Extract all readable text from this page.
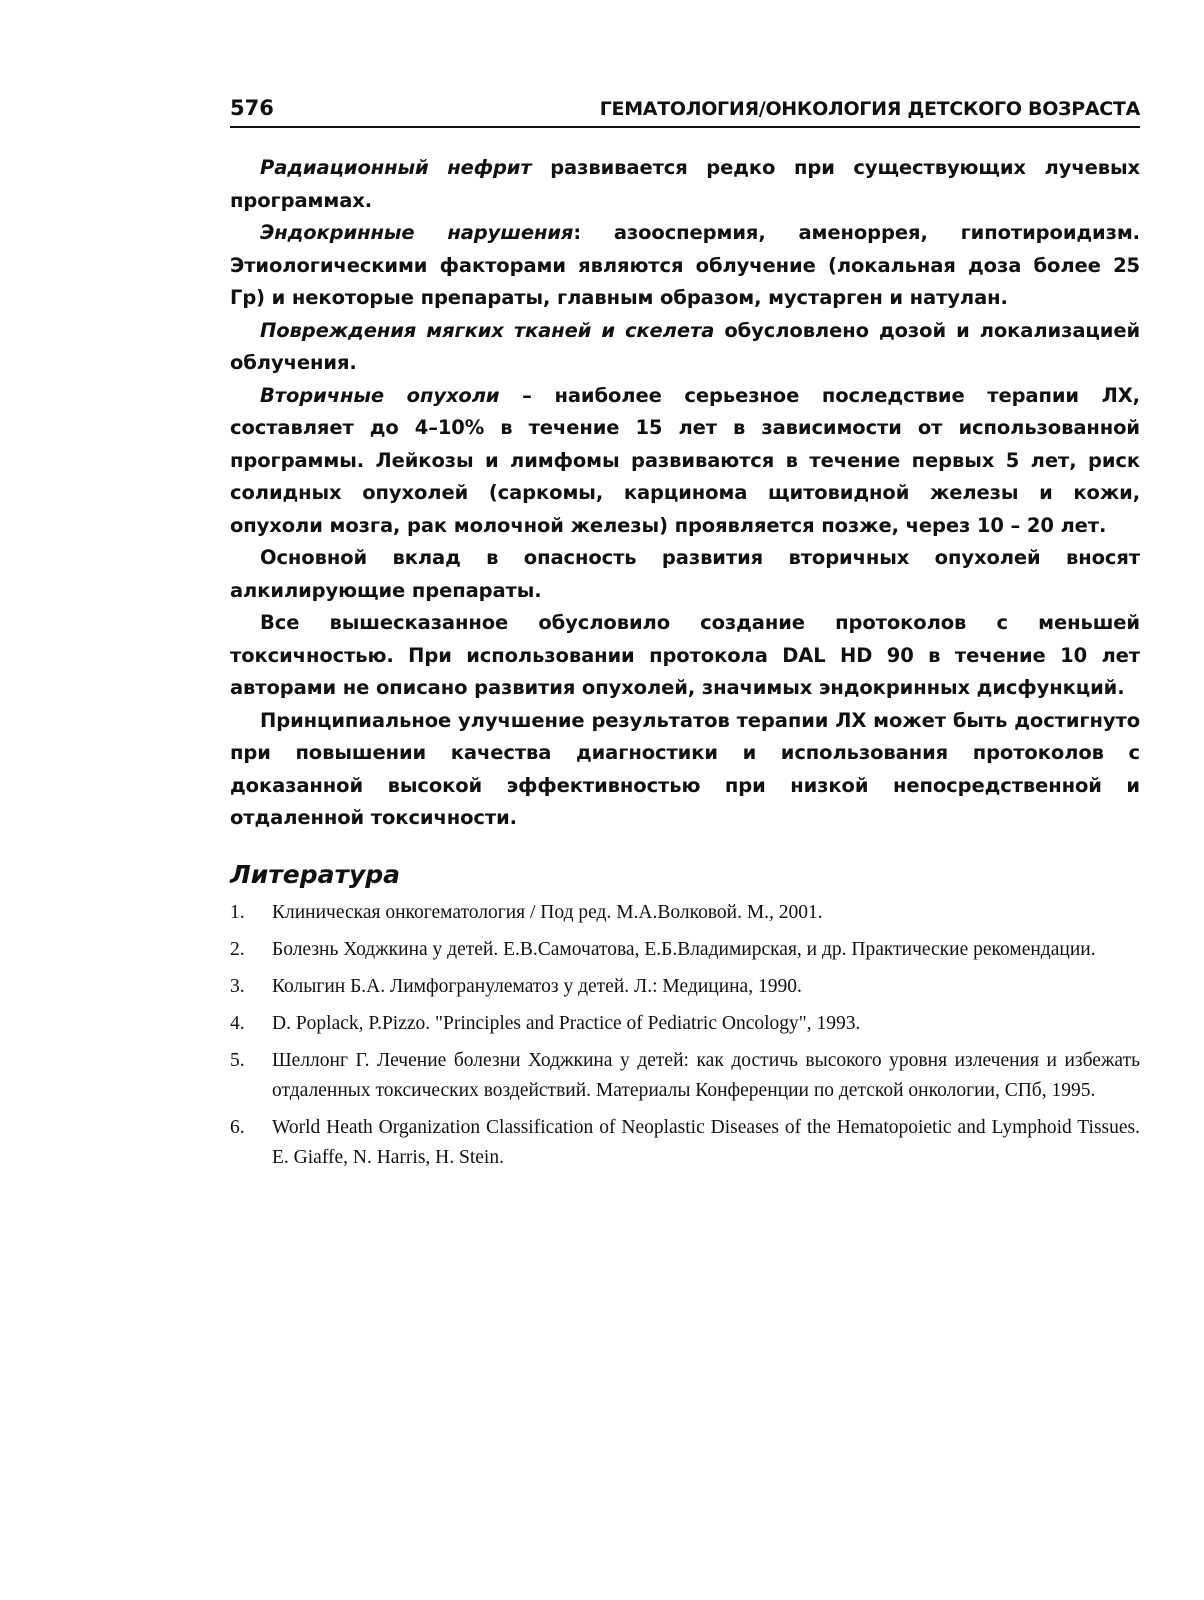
576	ГЕМАТОЛОГИЯ/ОНКОЛОГИЯ ДЕТСКОГО ВОЗРАСТА

Радиационный нефрит развивается редко при существующих лучевых программах.

Эндокринные нарушения: азооспермия, аменоррея, гипотироидизм. Этиологическими факторами являются облучение (локальная доза более 25 Гр) и некоторые препараты, главным образом, мустарген и натулан.

Повреждения мягких тканей и скелета обусловлено дозой и локализацией облучения.

Вторичные опухоли – наиболее серьезное последствие терапии ЛХ, составляет до 4–10% в течение 15 лет в зависимости от использованной программы. Лейкозы и лимфомы развиваются в течение первых 5 лет, риск солидных опухолей (саркомы, карцинома щитовидной железы и кожи, опухоли мозга, рак молочной железы) проявляется позже, через 10 – 20 лет.

Основной вклад в опасность развития вторичных опухолей вносят алкилирующие препараты.

Все вышесказанное обусловило создание протоколов с меньшей токсичностью. При использовании протокола DAL HD 90 в течение 10 лет авторами не описано развития опухолей, значимых эндокринных дисфункций.

Принципиальное улучшение результатов терапии ЛХ может быть достигнуто при повышении качества диагностики и использования протоколов с доказанной высокой эффективностью при низкой непосредственной и отдаленной токсичности.

Литература
1.	Клиническая онкогематология / Под ред. М.А.Волковой. М., 2001.
2.	Болезнь Ходжкина у детей. Е.В.Самочатова, Е.Б.Владимирская, и др. Практические рекомендации.
3.	Колыгин Б.А. Лимфогранулематоз у детей. Л.: Медицина, 1990.
4.	D. Poplack, P.Pizzo. "Principles and Practice of Pediatric Oncology", 1993.
5.	Шеллонг Г. Лечение болезни Ходжкина у детей: как достичь высокого уровня излечения и избежать отдаленных токсических воздействий. Материалы Конференции по детской онкологии, СПб, 1995.
6.	World Heath Organization Classification of Neoplastic Diseases of the Hematopoietic and Lymphoid Tissues. E. Giaffe, N. Harris, H. Stein.
